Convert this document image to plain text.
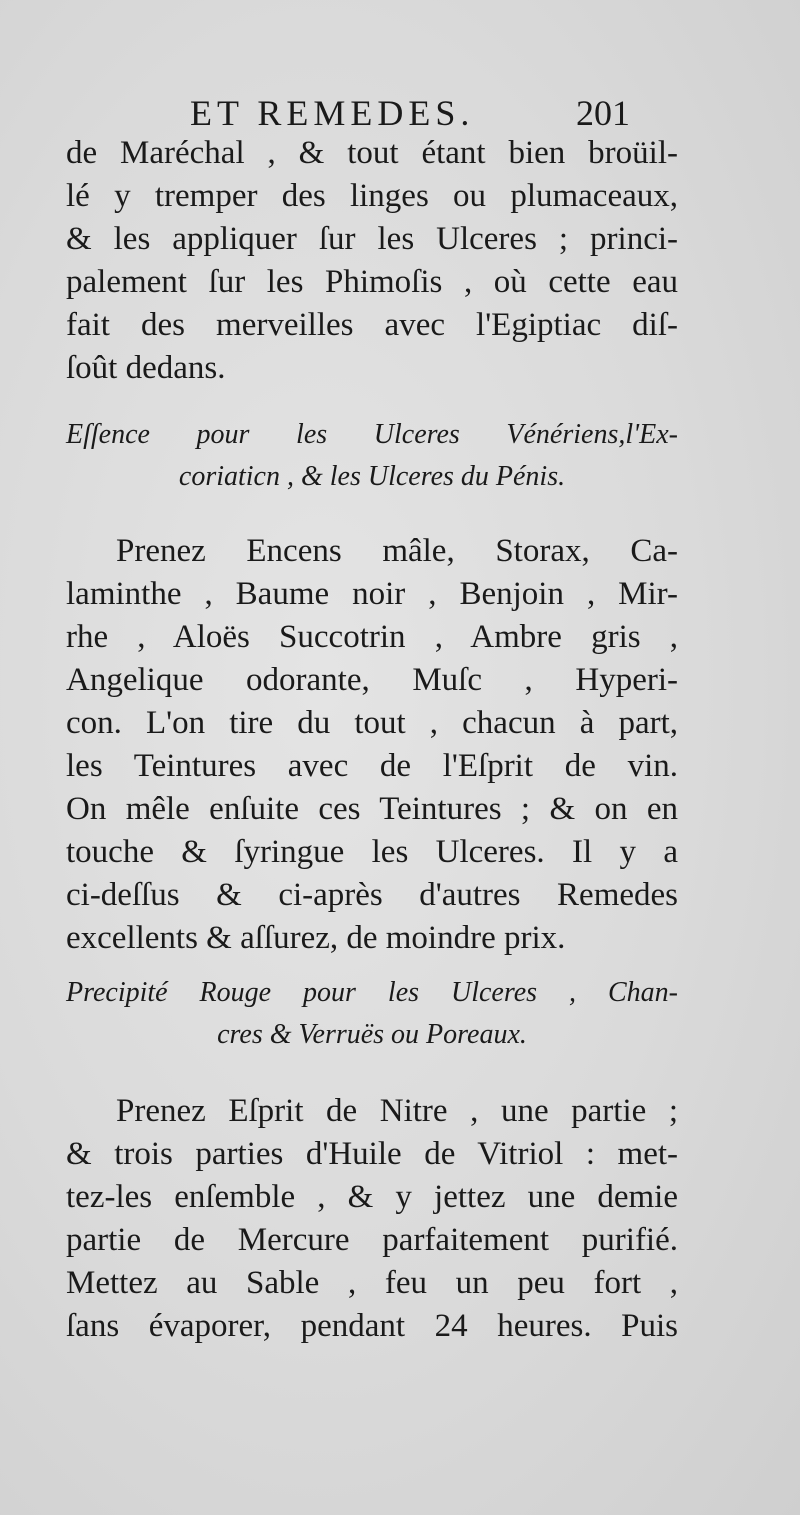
ET REMEDES.	201
de Maréchal , & tout étant bien broüil-
lé y tremper des linges ou plumaceaux,
& les appliquer ſur les Ulceres ; princi-
palement ſur les Phimoſis , où cette eau
fait des merveilles avec l'Egiptiac diſ-
ſoût dedans.
Eſſence pour les Ulceres Vénériens,l'Ex-
coriaticn , & les Ulceres du Pénis.
Prenez Encens mâle, Storax, Ca-
laminthe , Baume noir , Benjoin , Mir-
rhe , Aloës Succotrin , Ambre gris ,
Angelique odorante, Muſc , Hyperi-
con. L'on tire du tout , chacun à part,
les Teintures avec de l'Eſprit de vin.
On mêle enſuite ces Teintures ; & on en
touche & ſyringue les Ulceres. Il y a
ci-deſſus & ci-après d'autres Remedes
excellents & aſſurez, de moindre prix.
Precipité Rouge pour les Ulceres , Chan-
cres & Verruës ou Poreaux.
Prenez Eſprit de Nitre , une partie ;
& trois parties d'Huile de Vitriol : met-
tez-les enſemble , & y jettez une demie
partie de Mercure parfaitement purifié.
Mettez au Sable , feu un peu fort ,
ſans évaporer, pendant 24 heures. Puis
